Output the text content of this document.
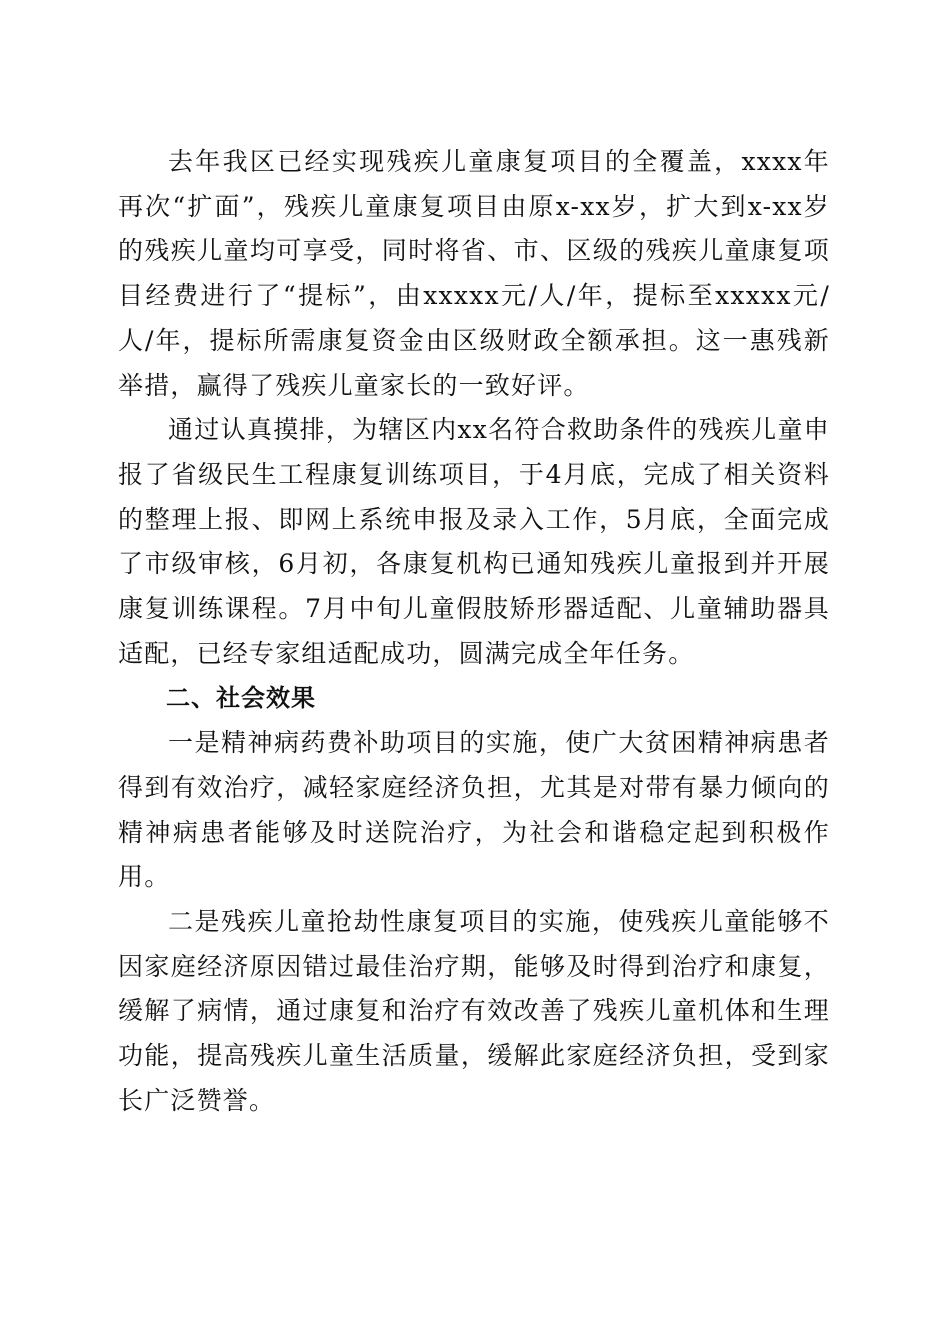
去年我区已经实现残疾儿童康复项目的全覆盖，xxxx年再次“扩面”，残疾儿童康复项目由原x-xx岁，扩大到x-xx岁的残疾儿童均可享受，同时将省、市、区级的残疾儿童康复项目经费进行了“提标”，由xxxxx元/人/年，提标至xxxxx元/人/年，提标所需康复资金由区级财政全额承担。这一惠残新举措，赢得了残疾儿童家长的一致好评。

通过认真摸排，为辖区内xx名符合救助条件的残疾儿童申报了省级民生工程康复训练项目，于4月底，完成了相关资料的整理上报、即网上系统申报及录入工作，5月底，全面完成了市级审核，6月初，各康复机构已通知残疾儿童报到并开展康复训练课程。7月中旬儿童假肢矫形器适配、儿童辅助器具适配，已经专家组适配成功，圆满完成全年任务。

二、社会效果

一是精神病药费补助项目的实施，使广大贫困精神病患者得到有效治疗，减轻家庭经济负担，尤其是对带有暴力倾向的精神病患者能够及时送院治疗，为社会和谐稳定起到积极作用。

二是残疾儿童抢劫性康复项目的实施，使残疾儿童能够不因家庭经济原因错过最佳治疗期，能够及时得到治疗和康复，缓解了病情，通过康复和治疗有效改善了残疾儿童机体和生理功能，提高残疾儿童生活质量，缓解此家庭经济负担，受到家长广泛赞誉。
